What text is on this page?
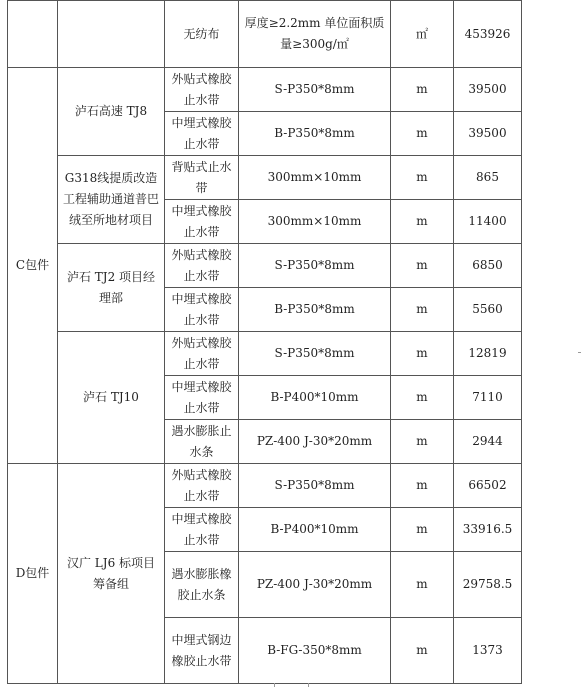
		无纺布	厚度≥2.2mm 单位面积质量≥300g/㎡	㎡	453926
C包件	泸石高速 TJ8	外贴式橡胶止水带	S-P350*8mm	m	39500
		中埋式橡胶止水带	B-P350*8mm	m	39500
	G318线提质改造工程辅助通道普巴绒至所地材项目	背贴式止水带	300mm×10mm	m	865
		中埋式橡胶止水带	300mm×10mm	m	11400
	泸石 TJ2 项目经理部	外贴式橡胶止水带	S-P350*8mm	m	6850
		中埋式橡胶止水带	B-P350*8mm	m	5560
	泸石 TJ10	外贴式橡胶止水带	S-P350*8mm	m	12819
		中埋式橡胶止水带	B-P400*10mm	m	7110
		遇水膨胀止水条	PZ-400 J-30*20mm	m	2944
D包件	汉广 LJ6 标项目筹备组	外贴式橡胶止水带	S-P350*8mm	m	66502
		中埋式橡胶止水带	B-P400*10mm	m	33916.5
		遇水膨胀橡胶止水条	PZ-400 J-30*20mm	m	29758.5
		中埋式钢边橡胶止水带	B-FG-350*8mm	m	1373
